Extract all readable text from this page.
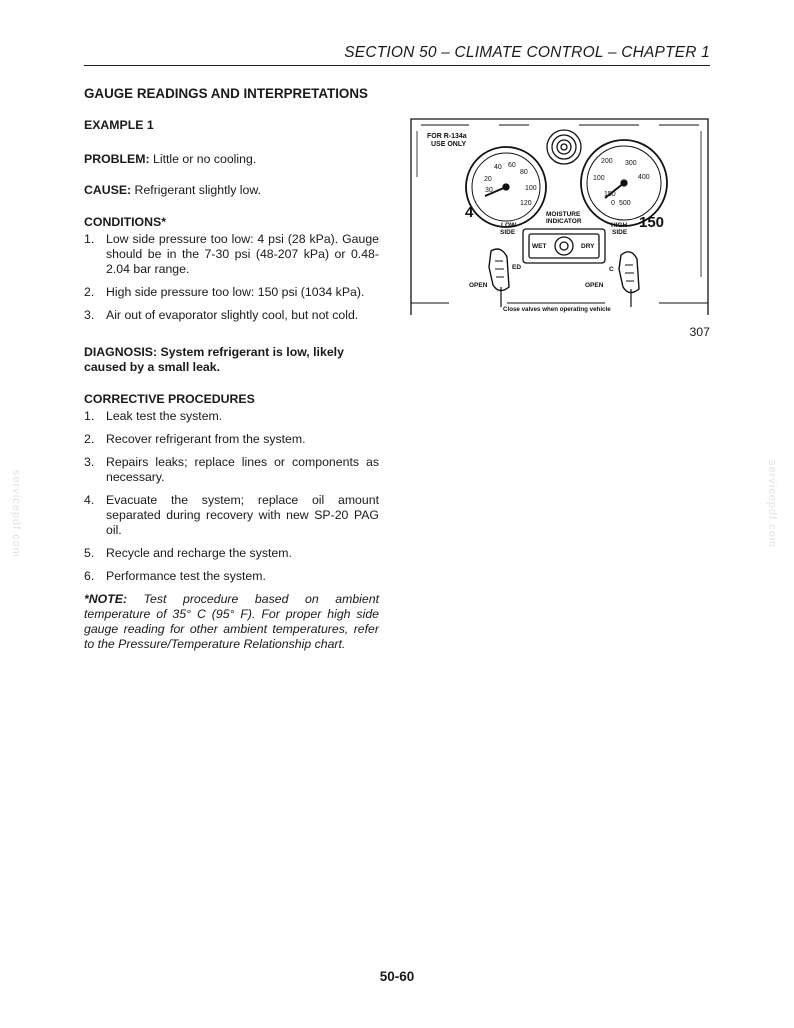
SECTION 50 – CLIMATE CONTROL – CHAPTER 1
GAUGE READINGS AND INTERPRETATIONS

EXAMPLE 1

PROBLEM: Little or no cooling.

CAUSE: Refrigerant slightly low.

CONDITIONS*

1. Low side pressure too low: 4 psi (28 kPa). Gauge should be in the 7-30 psi (48-207 kPa) or 0.48-2.04 bar range.
2. High side pressure too low: 150 psi (1034 kPa).
3. Air out of evaporator slightly cool, but not cold.

DIAGNOSIS: System refrigerant is low, likely caused by a small leak.

CORRECTIVE PROCEDURES

1. Leak test the system.
2. Recover refrigerant from the system.
3. Repairs leaks; replace lines or components as necessary.
4. Evacuate the system; replace oil amount separated during recovery with new SP-20 PAG oil.
5. Recycle and recharge the system.
6. Performance test the system.

*NOTE: Test procedure based on ambient temperature of 35° C (95° F). For proper high side gauge reading for other ambient temperatures, refer to the Pressure/Temperature Relationship chart.

FOR R-134a
USE ONLY
40 60
80
20
100
120
30
4
200 300
100	400
150
0 500
150
MOISTURE
INDICATOR
LOW
SIDE
HIGH
SIDE
WET	DRY
OPEN	OPEN
ED	C
Close valves when operating vehicle
307
50-60
servicepdf.com	servicepdf.com
